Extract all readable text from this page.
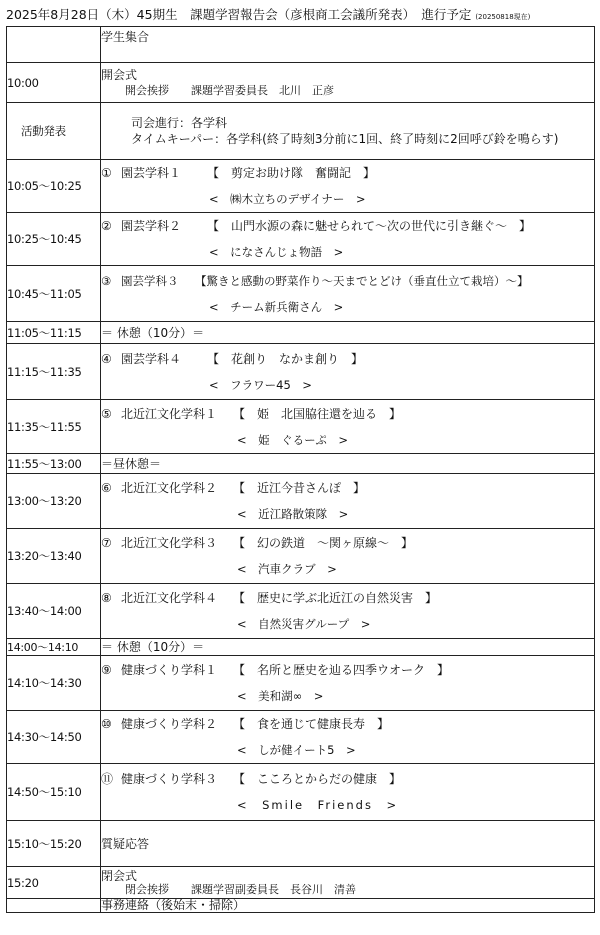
2025年8月28日（木）45期生　課題学習報告会（彦根商工会議所発表）　進行予定 (20250818現在)

	学生集合

10:00	開会式
開会挨拶　　課題学習委員長　北川　正彦

活動発表	司会進行：各学科
タイムキーパー：各学科(終了時刻3分前に1回、終了時刻に2回呼び鈴を鳴らす)

10:05～10:25	① 園芸学科１ 【　剪定お助け隊　奮闘記　】
<　㈱木立ちのデザイナー　>

10:25～10:45	② 園芸学科２ 【　山門水源の森に魅せられて～次の世代に引き継ぐ～　】
<　になさんじょ物語　>

10:45～11:05	③ 園芸学科３ 【驚きと感動の野菜作り～天までとどけ（垂直仕立て栽培）～】
<　チーム新兵衛さん　>

11:05～11:15	＝ 休憩（10分）＝

11:15～11:35	④ 園芸学科４ 【　花創り　なかま創り　】
<　フラワー45　>

11:35～11:55	⑤ 北近江文化学科１ 【　姫　北国脇往還を辿る　】
<　姫　ぐるーぷ　>

11:55～13:00	＝昼休憩＝

13:00～13:20	⑥ 北近江文化学科２ 【　近江今昔さんぽ　】
<　近江路散策隊　>

13:20～13:40	⑦ 北近江文化学科３ 【　幻の鉄道　～関ヶ原線～　】
<　汽車クラブ　>

13:40～14:00	⑧ 北近江文化学科４ 【　歴史に学ぶ北近江の自然災害　】
<　自然災害グループ　>

14:00～14:10	＝ 休憩（10分）＝

14:10～14:30	⑨ 健康づくり学科１ 【　名所と歴史を辿る四季ウオーク　】
<　美和湖∞　>

14:30～14:50	⑩ 健康づくり学科２ 【　食を通じて健康長寿　】
<　しが健イート5　>

14:50～15:10	⑪ 健康づくり学科３ 【　こころとからだの健康　】
<　Smile　Friends　>

15:10～15:20	質疑応答

15:20	閉会式
閉会挨拶　　課題学習副委員長　長谷川　清善

	事務連絡（後始末・掃除）
